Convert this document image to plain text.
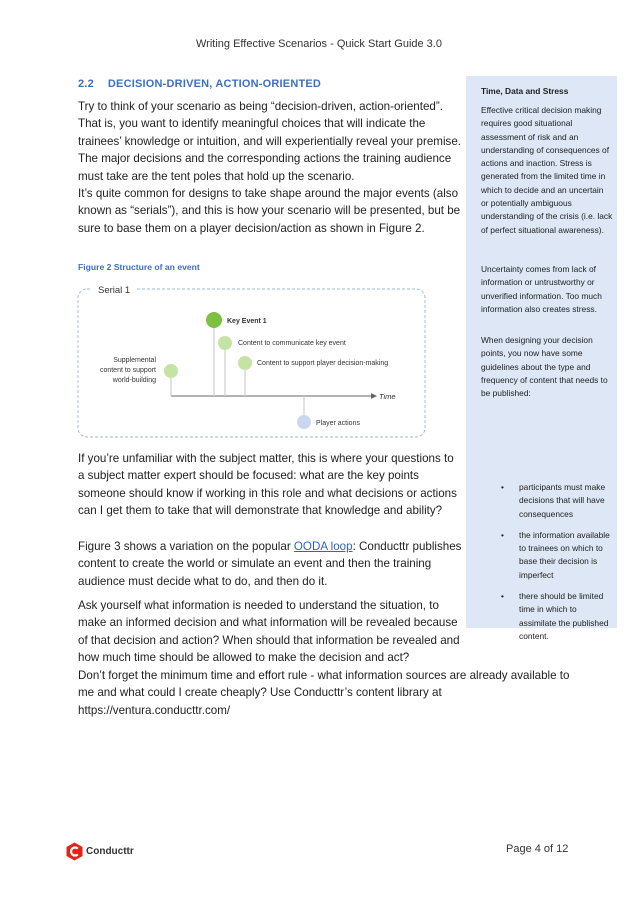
Writing Effective Scenarios - Quick Start Guide 3.0
2.2 DECISION-DRIVEN, ACTION-ORIENTED
Try to think of your scenario as being “decision-driven, action-oriented”. That is, you want to identify meaningful choices that will indicate the trainees’ knowledge or intuition, and will experientially reveal your premise. The major decisions and the corresponding actions the training audience must take are the tent poles that hold up the scenario.
It’s quite common for designs to take shape around the major events (also known as “serials”), and this is how your scenario will be presented, but be sure to base them on a player decision/action as shown in Figure 2.
Figure 2 Structure of an event
Serial 1
Time
Key Event 1
Content to communicate key event
Content to support player decision-making
Supplemental
content to support
world-building
Player actions
If you’re unfamiliar with the subject matter, this is where your questions to a subject matter expert should be focused: what are the key points someone should know if working in this role and what decisions or actions can I get them to take that will demonstrate that knowledge and ability?
Figure 3 shows a variation on the popular OODA loop: Conducttr publishes content to create the world or simulate an event and then the training audience must decide what to do, and then do it.
Ask yourself what information is needed to understand the situation, to make an informed decision and what information will be revealed because of that decision and action? When should that information be revealed and how much time should be allowed to make the decision and act?
Don’t forget the minimum time and effort rule - what information sources are already available to me and what could I create cheaply? Use Conducttr’s content library at https://ventura.conducttr.com/
Time, Data and Stress
Effective critical decision making requires good situational assessment of risk and an understanding of consequences of actions and inaction. Stress is generated from the limited time in which to decide and an uncertain or potentially ambiguous understanding of the crisis (i.e. lack of perfect situational awareness).
Uncertainty comes from lack of information or untrustworthy or unverified information. Too much information also creates stress.
When designing your decision points, you now have some guidelines about the type and frequency of content that needs to be published:
• participants must make decisions that will have consequences
• the information available to trainees on which to base their decision is imperfect
• there should be limited time in which to assimilate the published content.
Conducttr	Page 4 of 12
